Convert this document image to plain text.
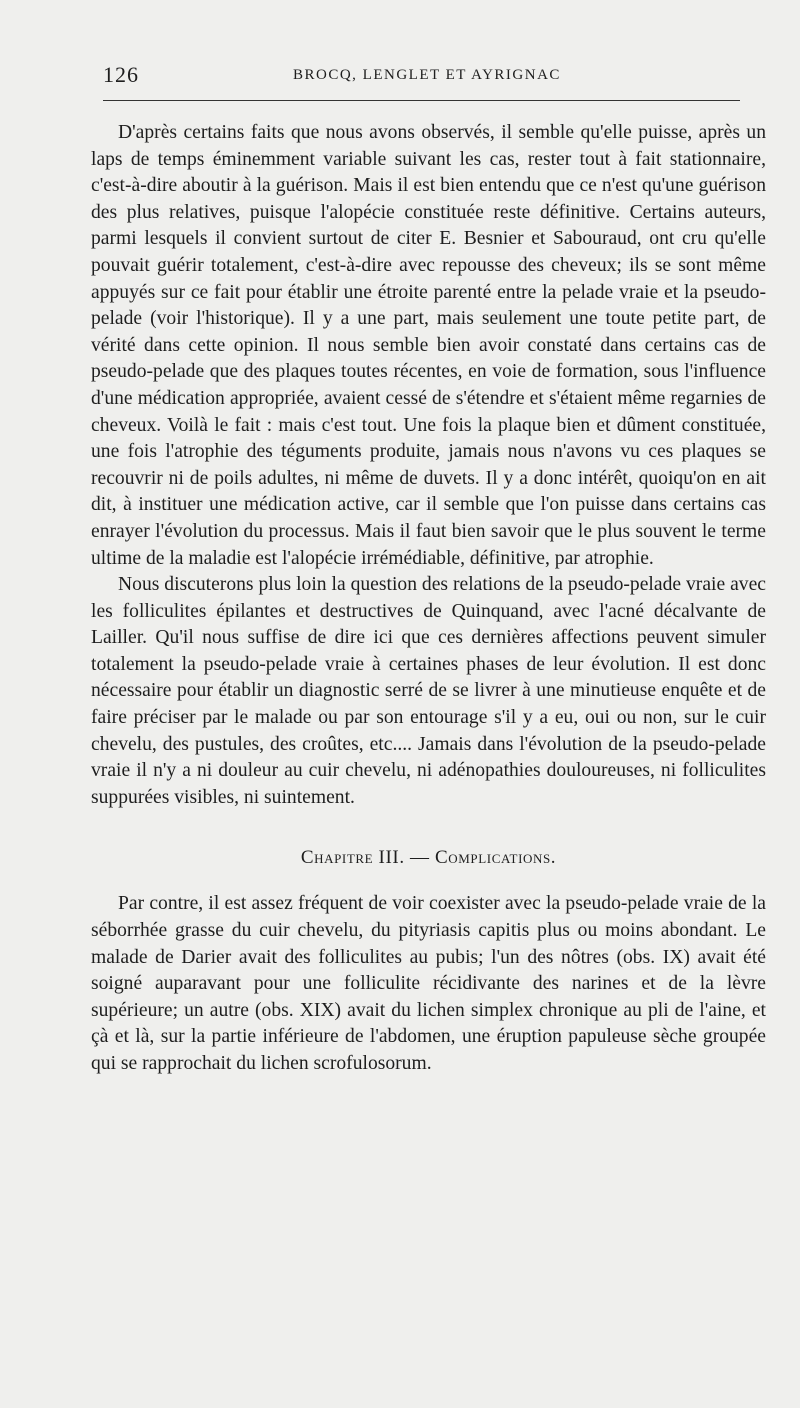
126	BROCQ, LENGLET ET AYRIGNAC

D'après certains faits que nous avons observés, il semble qu'elle puisse, après un laps de temps éminemment variable suivant les cas, rester tout à fait stationnaire, c'est-à-dire aboutir à la guérison. Mais il est bien entendu que ce n'est qu'une guérison des plus relatives, puisque l'alopécie constituée reste définitive. Certains auteurs, parmi lesquels il convient surtout de citer E. Besnier et Sabouraud, ont cru qu'elle pouvait guérir totalement, c'est-à-dire avec repousse des cheveux; ils se sont même appuyés sur ce fait pour établir une étroite parenté entre la pelade vraie et la pseudo-pelade (voir l'historique). Il y a une part, mais seulement une toute petite part, de vérité dans cette opinion. Il nous semble bien avoir constaté dans certains cas de pseudo-pelade que des plaques toutes récentes, en voie de formation, sous l'influence d'une médication appropriée, avaient cessé de s'étendre et s'étaient même regarnies de cheveux. Voilà le fait : mais c'est tout. Une fois la plaque bien et dûment constituée, une fois l'atrophie des téguments produite, jamais nous n'avons vu ces plaques se recouvrir ni de poils adultes, ni même de duvets. Il y a donc intérêt, quoiqu'on en ait dit, à instituer une médication active, car il semble que l'on puisse dans certains cas enrayer l'évolution du processus. Mais il faut bien savoir que le plus souvent le terme ultime de la maladie est l'alopécie irrémédiable, définitive, par atrophie.

Nous discuterons plus loin la question des relations de la pseudo-pelade vraie avec les folliculites épilantes et destructives de Quinquand, avec l'acné décalvante de Lailler. Qu'il nous suffise de dire ici que ces dernières affections peuvent simuler totalement la pseudo-pelade vraie à certaines phases de leur évolution. Il est donc nécessaire pour établir un diagnostic serré de se livrer à une minutieuse enquête et de faire préciser par le malade ou par son entourage s'il y a eu, oui ou non, sur le cuir chevelu, des pustules, des croûtes, etc.... Jamais dans l'évolution de la pseudo-pelade vraie il n'y a ni douleur au cuir chevelu, ni adénopathies douloureuses, ni folliculites suppurées visibles, ni suintement.

Chapitre III. — Complications.

Par contre, il est assez fréquent de voir coexister avec la pseudo-pelade vraie de la séborrhée grasse du cuir chevelu, du pityriasis capitis plus ou moins abondant. Le malade de Darier avait des folliculites au pubis; l'un des nôtres (obs. IX) avait été soigné auparavant pour une folliculite récidivante des narines et de la lèvre supérieure; un autre (obs. XIX) avait du lichen simplex chronique au pli de l'aine, et çà et là, sur la partie inférieure de l'abdomen, une éruption papuleuse sèche groupée qui se rapprochait du lichen scrofulosorum.
